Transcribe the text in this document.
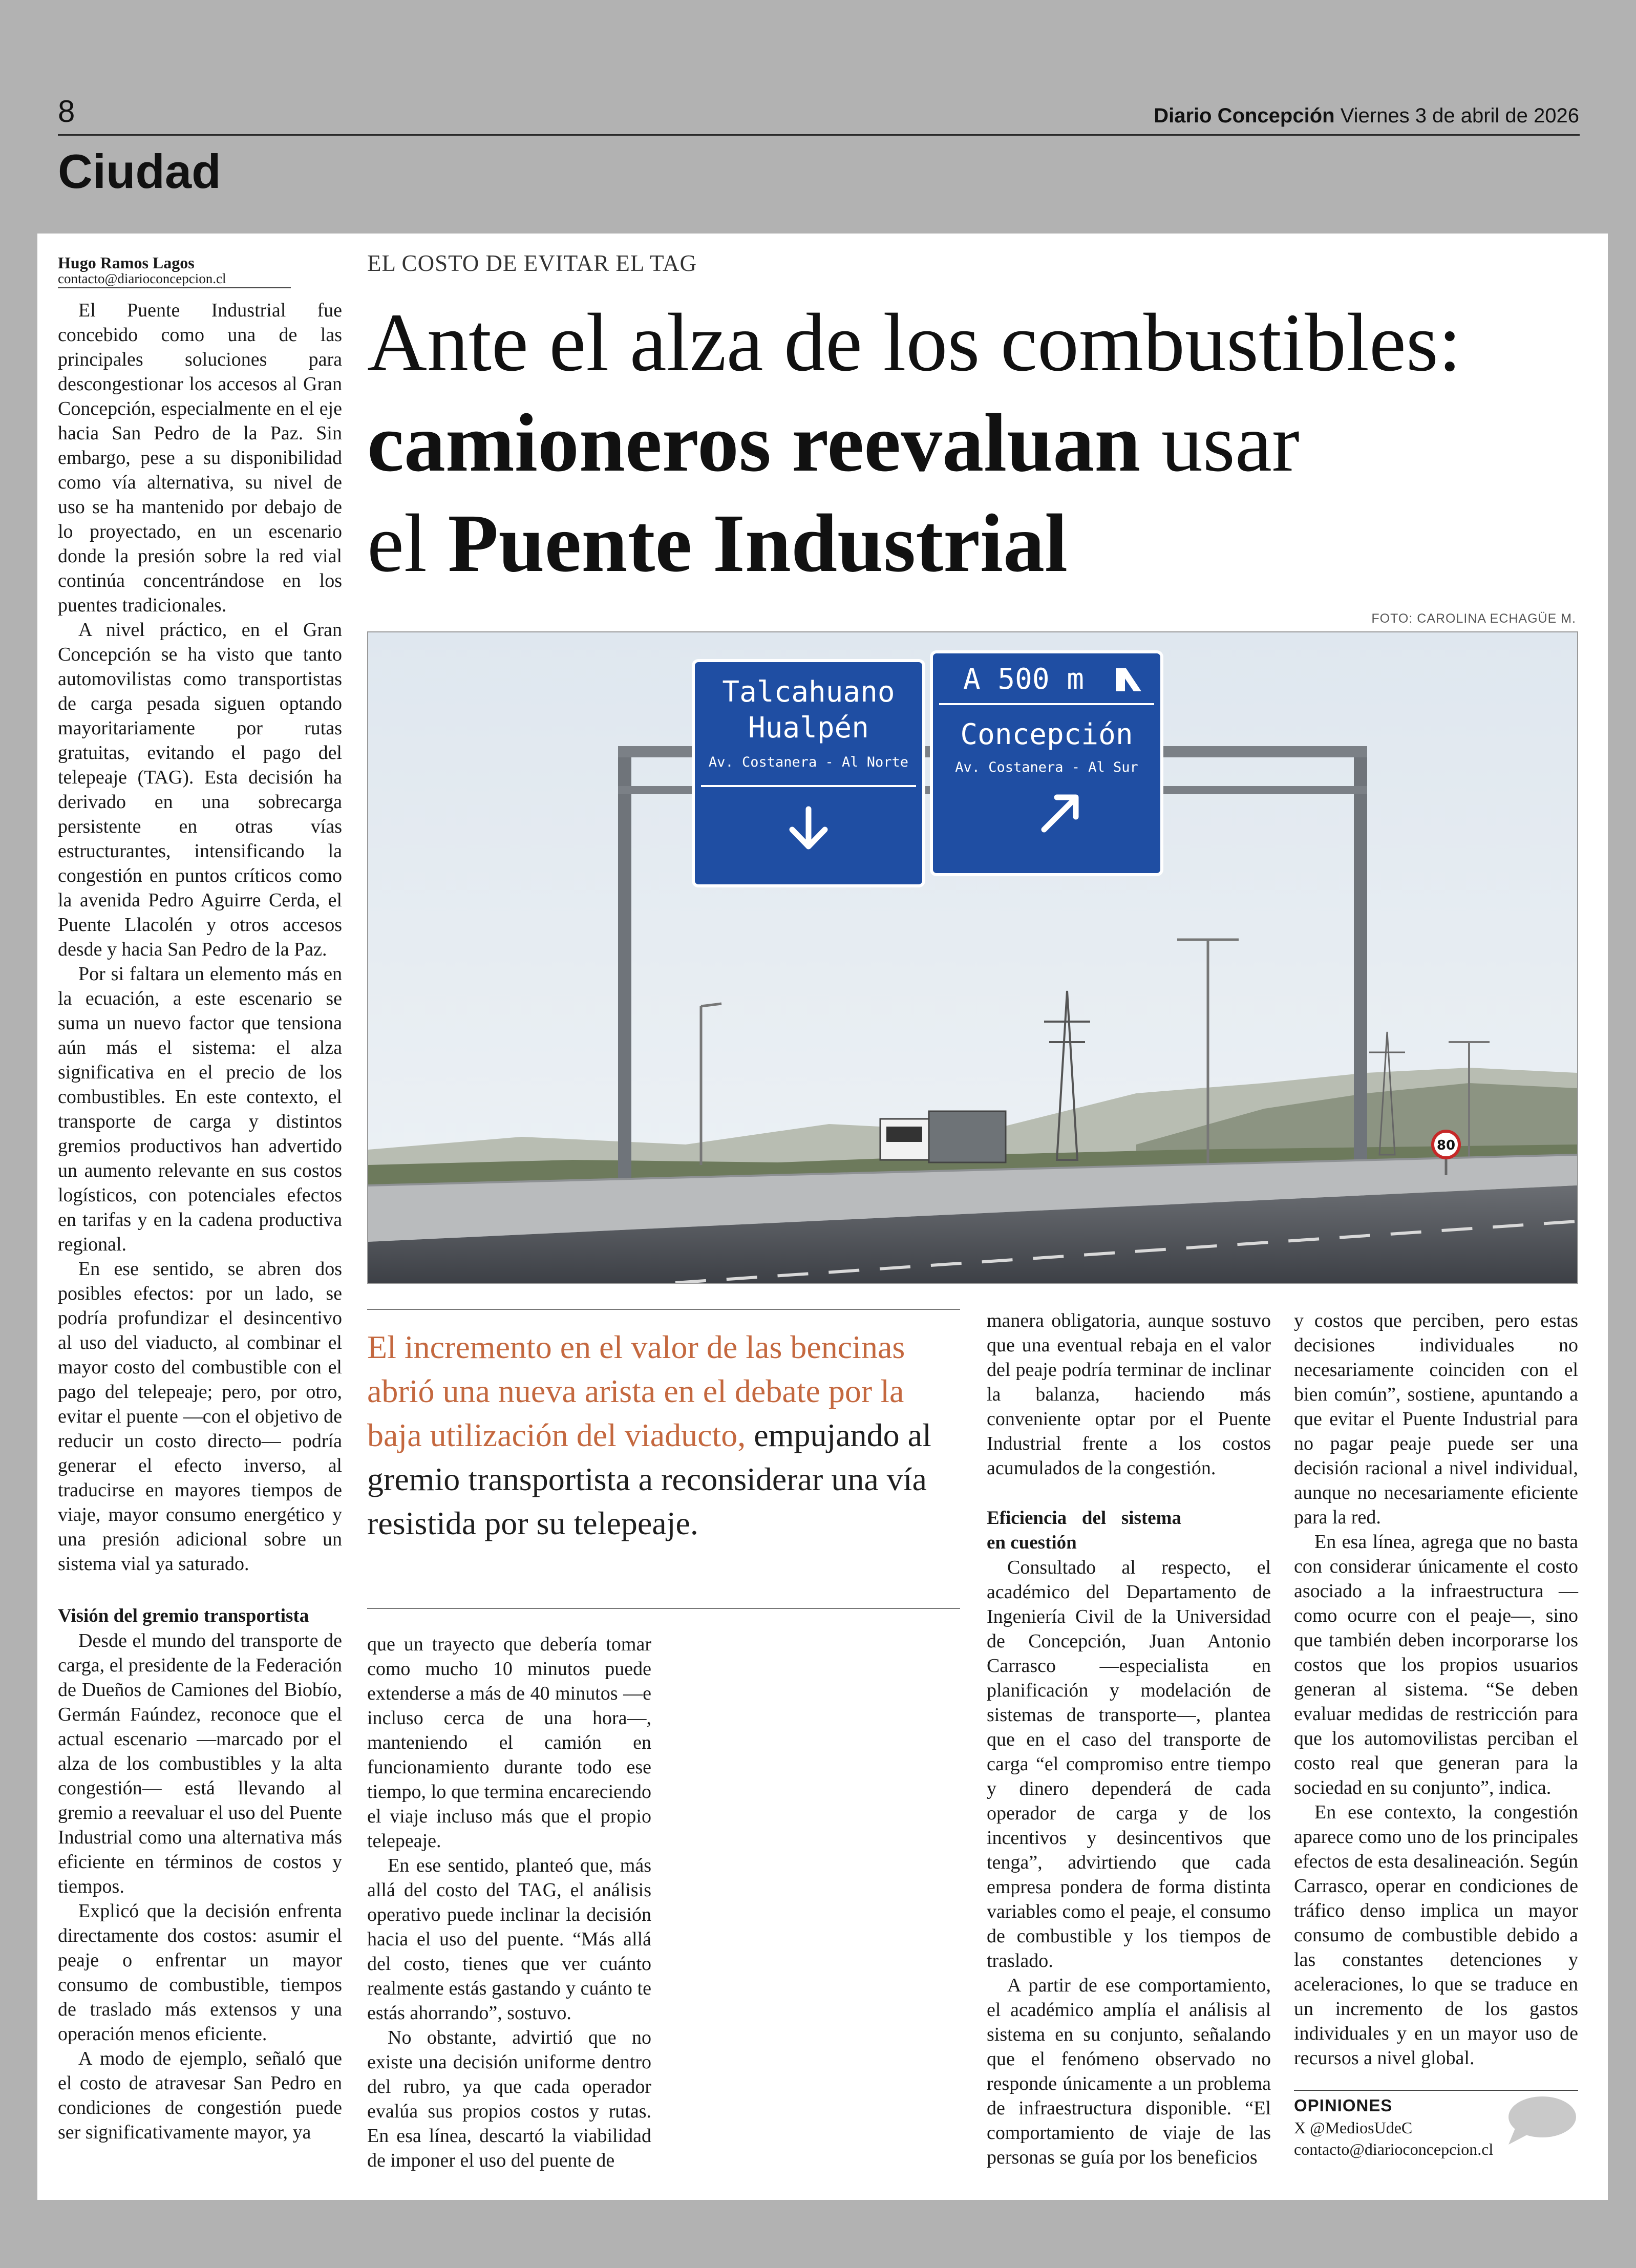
8	Diario Concepción Viernes 3 de abril de 2026
Ciudad
Hugo Ramos Lagos
contacto@diarioconcepcion.cl

El Puente Industrial fue concebido como una de las principales soluciones para descongestionar los accesos al Gran Concepción, especialmente en el eje hacia San Pedro de la Paz. Sin embargo, pese a su disponibilidad como vía alternativa, su nivel de uso se ha mantenido por debajo de lo proyectado, en un escenario donde la presión sobre la red vial continúa concentrándose en los puentes tradicionales.

A nivel práctico, en el Gran Concepción se ha visto que tanto automovilistas como transportistas de carga pesada siguen optando mayoritariamente por rutas gratuitas, evitando el pago del telepeaje (TAG). Esta decisión ha derivado en una sobrecarga persistente en otras vías estructurantes, intensificando la congestión en puntos críticos como la avenida Pedro Aguirre Cerda, el Puente Llacolén y otros accesos desde y hacia San Pedro de la Paz.

Por si faltara un elemento más en la ecuación, a este escenario se suma un nuevo factor que tensiona aún más el sistema: el alza significativa en el precio de los combustibles. En este contexto, el transporte de carga y distintos gremios productivos han advertido un aumento relevante en sus costos logísticos, con potenciales efectos en tarifas y en la cadena productiva regional.

En ese sentido, se abren dos posibles efectos: por un lado, se podría profundizar el desincentivo al uso del viaducto, al combinar el mayor costo del combustible con el pago del telepeaje; pero, por otro, evitar el puente —con el objetivo de reducir un costo directo— podría generar el efecto inverso, al traducirse en mayores tiempos de viaje, mayor consumo energético y una presión adicional sobre un sistema vial ya saturado.

Visión del gremio transportista

Desde el mundo del transporte de carga, el presidente de la Federación de Dueños de Camiones del Biobío, Germán Faúndez, reconoce que el actual escenario —marcado por el alza de los combustibles y la alta congestión— está llevando al gremio a reevaluar el uso del Puente Industrial como una alternativa más eficiente en términos de costos y tiempos.

Explicó que la decisión enfrenta directamente dos costos: asumir el peaje o enfrentar un mayor consumo de combustible, tiempos de traslado más extensos y una operación menos eficiente.

A modo de ejemplo, señaló que el costo de atravesar San Pedro en condiciones de congestión puede ser significativamente mayor, ya

EL COSTO DE EVITAR EL TAG
Ante el alza de los combustibles:
camioneros reevaluan usar
el Puente Industrial
FOTO: CAROLINA ECHAGÜE M.
Talcahuano
Hualpén
Av. Costanera - Al Norte
A 500 m
Concepción
Av. Costanera - Al Sur
80
El incremento en el valor de las bencinas abrió una nueva arista en el debate por la baja utilización del viaducto, empujando al gremio transportista a reconsiderar una vía resistida por su telepeaje.

que un trayecto que debería tomar como mucho 10 minutos puede extenderse a más de 40 minutos —e incluso cerca de una hora—, manteniendo el camión en funcionamiento durante todo ese tiempo, lo que termina encareciendo el viaje incluso más que el propio telepeaje.

En ese sentido, planteó que, más allá del costo del TAG, el análisis operativo puede inclinar la decisión hacia el uso del puente. “Más allá del costo, tienes que ver cuánto realmente estás gastando y cuánto te estás ahorrando”, sostuvo.

No obstante, advirtió que no existe una decisión uniforme dentro del rubro, ya que cada operador evalúa sus propios costos y rutas. En esa línea, descartó la viabilidad de imponer el uso del puente de

manera obligatoria, aunque sostuvo que una eventual rebaja en el valor del peaje podría terminar de inclinar la balanza, haciendo más conveniente optar por el Puente Industrial frente a los costos acumulados de la congestión.

Eficiencia del sistema en cuestión

Consultado al respecto, el académico del Departamento de Ingeniería Civil de la Universidad de Concepción, Juan Antonio Carrasco —especialista en planificación y modelación de sistemas de transporte—, plantea que en el caso del transporte de carga “el compromiso entre tiempo y dinero dependerá de cada operador de carga y de los incentivos y desincentivos que tenga”, advirtiendo que cada empresa pondera de forma distinta variables como el peaje, el consumo de combustible y los tiempos de traslado.

A partir de ese comportamiento, el académico amplía el análisis al sistema en su conjunto, señalando que el fenómeno observado no responde únicamente a un problema de infraestructura disponible. “El comportamiento de viaje de las personas se guía por los beneficios

y costos que perciben, pero estas decisiones individuales no necesariamente coinciden con el bien común”, sostiene, apuntando a que evitar el Puente Industrial para no pagar peaje puede ser una decisión racional a nivel individual, aunque no necesariamente eficiente para la red.

En esa línea, agrega que no basta con considerar únicamente el costo asociado a la infraestructura —como ocurre con el peaje—, sino que también deben incorporarse los costos que los propios usuarios generan al sistema. “Se deben evaluar medidas de restricción para que los automovilistas perciban el costo real que generan para la sociedad en su conjunto”, indica.

En ese contexto, la congestión aparece como uno de los principales efectos de esta desalineación. Según Carrasco, operar en condiciones de tráfico denso implica un mayor consumo de combustible debido a las constantes detenciones y aceleraciones, lo que se traduce en un incremento de los gastos individuales y en un mayor uso de recursos a nivel global.

OPINIONES
X @MediosUdeC
contacto@diarioconcepcion.cl
